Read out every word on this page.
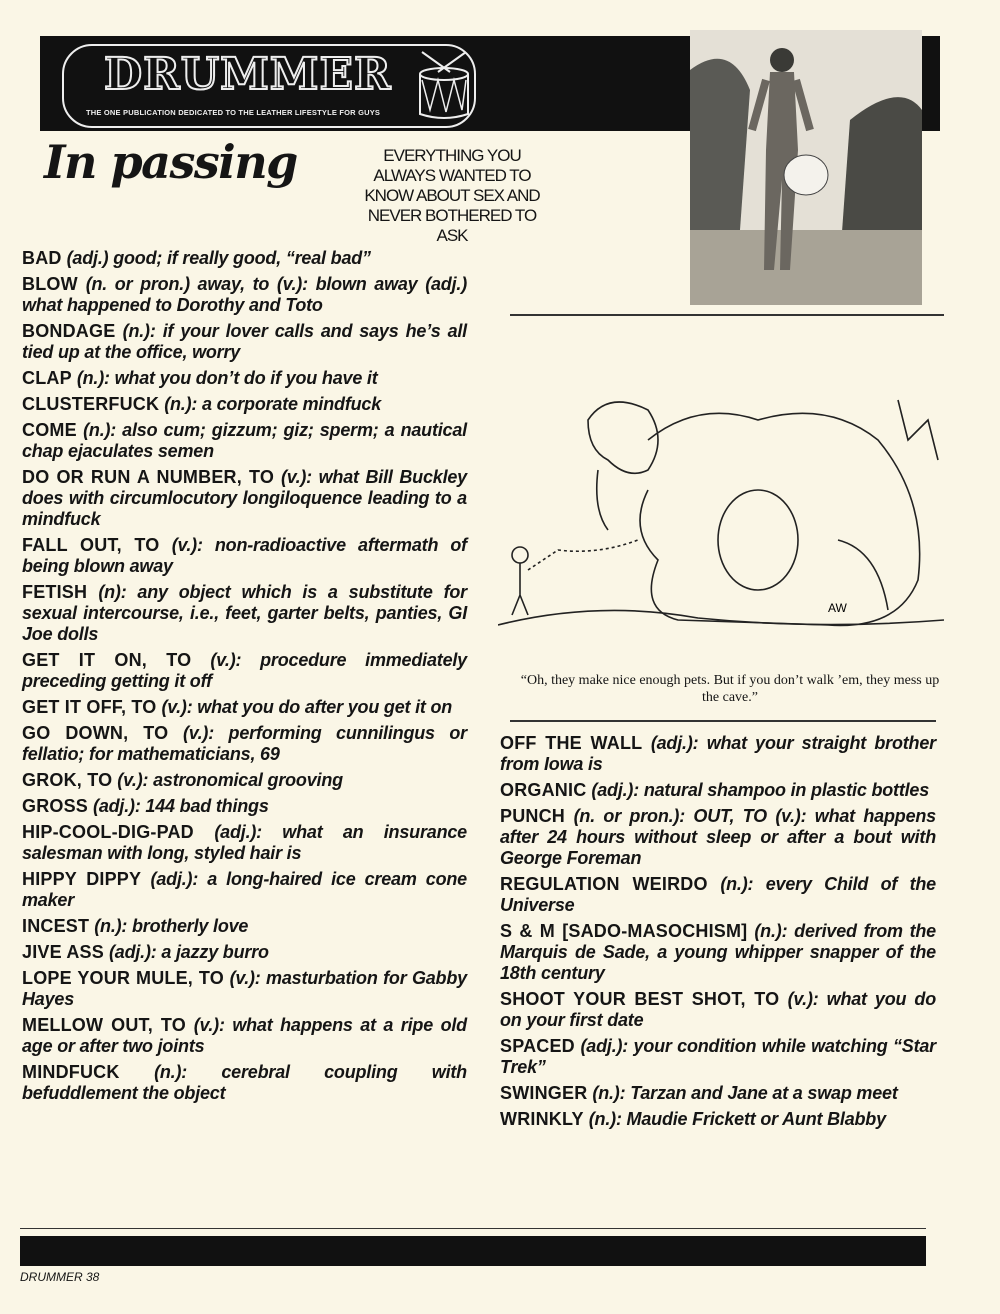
DRUMMER
THE ONE PUBLICATION DEDICATED TO THE LEATHER LIFESTYLE FOR GUYS
In passing	EVERYTHING YOU ALWAYS WANTED TO KNOW ABOUT SEX AND NEVER BOTHERED TO ASK
AW
“Oh, they make nice enough pets. But if you don’t walk ’em, they mess up the cave.”
BAD (adj.) good; if really good, “real bad”
BLOW (n. or pron.) away, to (v.): blown away (adj.) what happened to Dorothy and Toto
BONDAGE (n.): if your lover calls and says he’s all tied up at the office, worry
CLAP (n.): what you don’t do if you have it
CLUSTERFUCK (n.): a corporate mindfuck
COME (n.): also cum; gizzum; giz; sperm; a nautical chap ejaculates semen
DO OR RUN A NUMBER, TO (v.): what Bill Buckley does with circumlocutory longiloquence leading to a mindfuck
FALL OUT, TO (v.): non-radioactive aftermath of being blown away
FETISH (n): any object which is a substitute for sexual intercourse, i.e., feet, garter belts, panties, GI Joe dolls
GET IT ON, TO (v.): procedure immediately preceding getting it off
GET IT OFF, TO (v.): what you do after you get it on
GO DOWN, TO (v.): performing cunnilingus or fellatio; for mathematicians, 69
GROK, TO (v.): astronomical grooving
GROSS (adj.): 144 bad things
HIP-COOL-DIG-PAD (adj.): what an insurance salesman with long, styled hair is
HIPPY DIPPY (adj.): a long-haired ice cream cone maker
INCEST (n.): brotherly love
JIVE ASS (adj.): a jazzy burro
LOPE YOUR MULE, TO (v.): masturbation for Gabby Hayes
MELLOW OUT, TO (v.): what happens at a ripe old age or after two joints
MINDFUCK (n.): cerebral coupling with befuddlement the object
OFF THE WALL (adj.): what your straight brother from Iowa is
ORGANIC (adj.): natural shampoo in plastic bottles
PUNCH (n. or pron.): OUT, TO (v.): what happens after 24 hours without sleep or after a bout with George Foreman
REGULATION WEIRDO (n.): every Child of the Universe
S & M [SADO-MASOCHISM] (n.): derived from the Marquis de Sade, a young whipper snapper of the 18th century
SHOOT YOUR BEST SHOT, TO (v.): what you do on your first date
SPACED (adj.): your condition while watching “Star Trek”
SWINGER (n.): Tarzan and Jane at a swap meet
WRINKLY (n.): Maudie Frickett or Aunt Blabby
DRUMMER 38
